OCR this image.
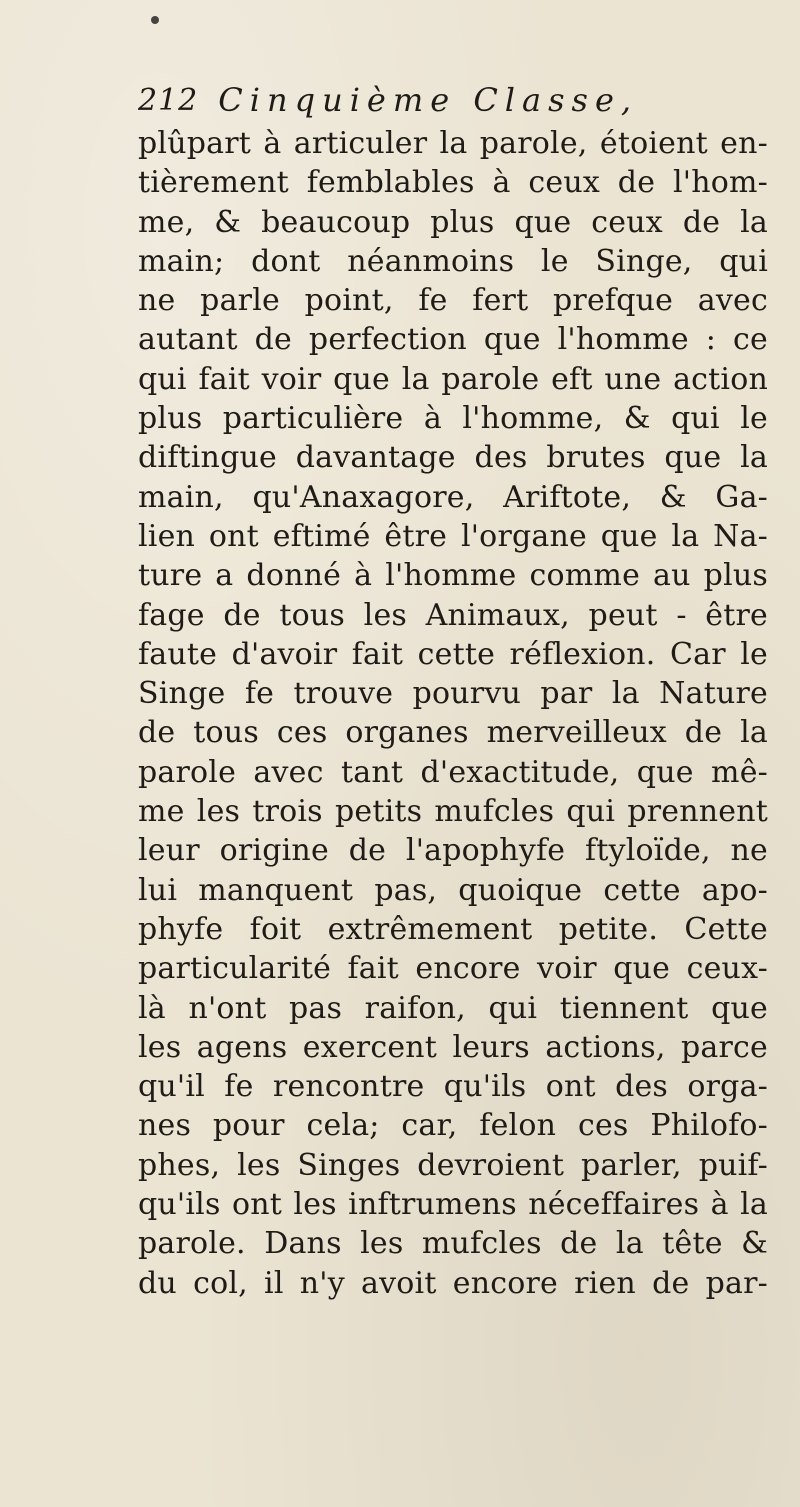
212 Cinquième Classe,
plûpart à articuler la parole, étoient en-
tièrement femblables à ceux de l'hom-
me, & beaucoup plus que ceux de la
main; dont néanmoins le Singe, qui
ne parle point, fe fert prefque avec
autant de perfection que l'homme : ce
qui fait voir que la parole eft une action
plus particulière à l'homme, & qui le
diftingue davantage des brutes que la
main, qu'Anaxagore, Ariftote, & Ga-
lien ont eftimé être l'organe que la Na-
ture a donné à l'homme comme au plus
fage de tous les Animaux, peut - être
faute d'avoir fait cette réflexion. Car le
Singe fe trouve pourvu par la Nature
de tous ces organes merveilleux de la
parole avec tant d'exactitude, que mê-
me les trois petits mufcles qui prennent
leur origine de l'apophyfe ftyloïde, ne
lui manquent pas, quoique cette apo-
phyfe foit extrêmement petite. Cette
particularité fait encore voir que ceux-
là n'ont pas raifon, qui tiennent que
les agens exercent leurs actions, parce
qu'il fe rencontre qu'ils ont des orga-
nes pour cela; car, felon ces Philofo-
phes, les Singes devroient parler, puif-
qu'ils ont les inftrumens néceffaires à la
parole. Dans les mufcles de la tête &
du col, il n'y avoit encore rien de par-
